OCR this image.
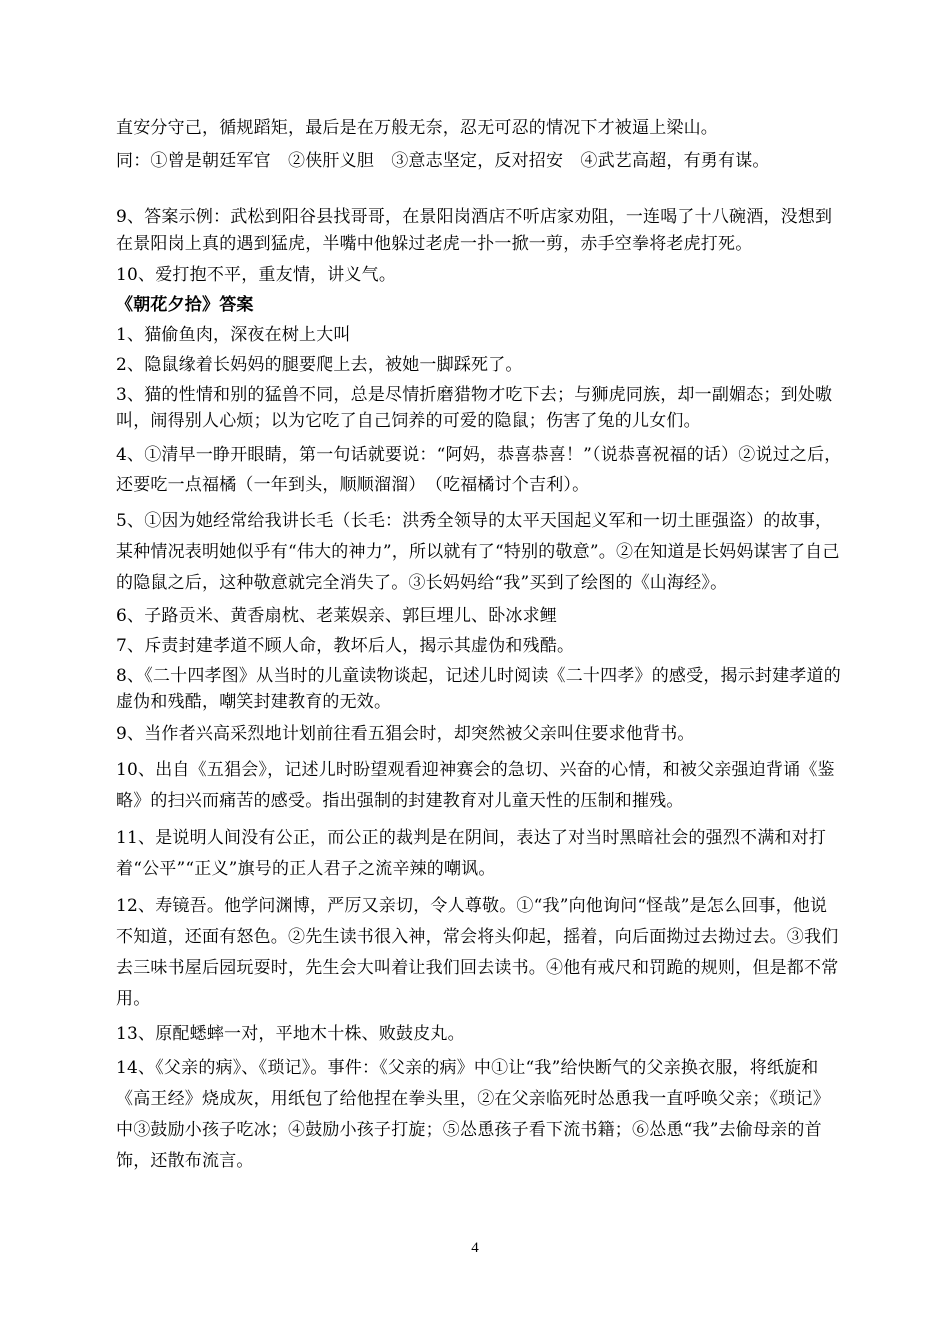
直安分守己，循规蹈矩，最后是在万般无奈，忍无可忍的情况下才被逼上梁山。

同：①曾是朝廷军官　②侠肝义胆　③意志坚定，反对招安　④武艺高超，有勇有谋。

9、答案示例：武松到阳谷县找哥哥，在景阳岗酒店不听店家劝阻，一连喝了十八碗酒，没想到在景阳岗上真的遇到猛虎，半嘴中他躲过老虎一扑一掀一剪，赤手空拳将老虎打死。

10、爱打抱不平，重友情，讲义气。

《朝花夕拾》答案

1、猫偷鱼肉，深夜在树上大叫

2、隐鼠缘着长妈妈的腿要爬上去，被她一脚踩死了。

3、猫的性情和别的猛兽不同，总是尽情折磨猎物才吃下去；与狮虎同族，却一副媚态；到处嗷叫，闹得别人心烦；以为它吃了自己饲养的可爱的隐鼠；伤害了兔的儿女们。

4、①清早一睁开眼睛，第一句话就要说：“阿妈，恭喜恭喜！”（说恭喜祝福的话）②说过之后，还要吃一点福橘（一年到头，顺顺溜溜）　（吃福橘讨个吉利）。

5、①因为她经常给我讲长毛（长毛：洪秀全领导的太平天国起义军和一切土匪强盗）的故事，某种情况表明她似乎有“伟大的神力”，所以就有了“特别的敬意”。②在知道是长妈妈谋害了自己的隐鼠之后，这种敬意就完全消失了。③长妈妈给“我”买到了绘图的《山海经》。

6、子路贡米、黄香扇枕、老莱娱亲、郭巨埋儿、卧冰求鲤

7、斥责封建孝道不顾人命，教坏后人，揭示其虚伪和残酷。

8、《二十四孝图》从当时的儿童读物谈起，记述儿时阅读《二十四孝》的感受，揭示封建孝道的虚伪和残酷，嘲笑封建教育的无效。

9、当作者兴高采烈地计划前往看五猖会时，却突然被父亲叫住要求他背书。

10、出自《五猖会》，记述儿时盼望观看迎神赛会的急切、兴奋的心情，和被父亲强迫背诵《鉴略》的扫兴而痛苦的感受。指出强制的封建教育对儿童天性的压制和摧残。

11、是说明人间没有公正，而公正的裁判是在阴间，表达了对当时黑暗社会的强烈不满和对打着“公平”“正义”旗号的正人君子之流辛辣的嘲讽。

12、寿镜吾。他学问渊博，严厉又亲切，令人尊敬。①“我”向他询问“怪哉”是怎么回事，他说不知道，还面有怒色。②先生读书很入神，常会将头仰起，摇着，向后面拗过去拗过去。③我们去三味书屋后园玩耍时，先生会大叫着让我们回去读书。④他有戒尺和罚跪的规则，但是都不常用。

13、原配蟋蟀一对，平地木十株、败鼓皮丸。

14、《父亲的病》、《琐记》。事件：《父亲的病》中①让“我”给快断气的父亲换衣服，将纸旋和《高王经》烧成灰，用纸包了给他捏在拳头里，②在父亲临死时怂恿我一直呼唤父亲；《琐记》中③鼓励小孩子吃冰；④鼓励小孩子打旋；⑤怂恿孩子看下流书籍；⑥怂恿“我”去偷母亲的首饰，还散布流言。

4
